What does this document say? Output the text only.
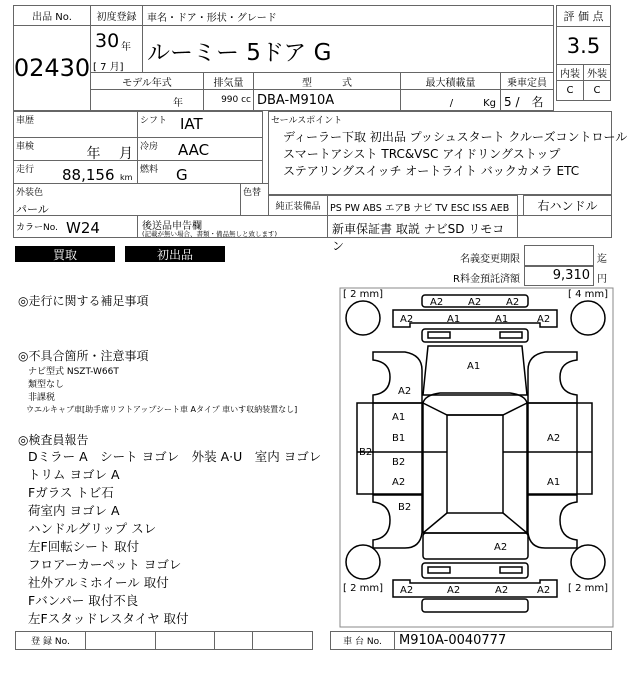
出品 No.
02430
初度登録	車名・ドア・形状・グレード
30 年
[ 7 月]
ルーミー 5ドア G
モデル年式	排気量	型　　　式	最大積載量	乗車定員
年	990 cc DBA-M910A	/　　　Kg 5 /　名
評 価 点
3.5
内装 外装
C	C
車歴	シフト IAT
車検	年　 月 冷房 AAC
走行 88,156 km
燃料 G
セールスポイント
ディーラー下取 初出品 プッシュスタート クルーズコントロール
スマートアシスト TRC&VSC アイドリングストップ
ステアリングスイッチ オートライト バックカメラ ETC
外装色
パール
色替
純正装備品	PS PW ABS エアB ナビ TV ESC ISS AEB	右ハンドル
カラーNo. W24	後送品申告欄
(記載が無い場合、書類・備品無しと致します)	新車保証書 取説 ナビSD リモコン
買取	初出品	名義変更期限	迄
R料金預託済額	9,310 円
◎走行に関する補足事項
◎不具合箇所・注意事項
ナビ型式 NSZT-W66T
類型なし
非課税
ウエルキャブ車[助手席リフトアップシート車 Aタイプ 車いす収納装置なし]
◎検査員報告
Dミラー A　シート ヨゴレ　外装 A·U　室内 ヨゴレ
トリム ヨゴレ A
Fガラス トビ石
荷室内 ヨゴレ A
ハンドルグリップ スレ
左F回転シート 取付
フロアーカーペット ヨゴレ
社外アルミホイール 取付
Fバンパー 取付不良
左Fスタッドレスタイヤ 取付
[ 2 mm]	[ 4 mm]
[ 2 mm]	[ 2 mm]
A2 A2 A2
A2	A1	A1	A2
A1
A2
A1
B1
B2
B2
A2
B2
A2
A1
A2
A2	A2	A2	A2
登 録 No.	車 台 No.	M910A-0040777
